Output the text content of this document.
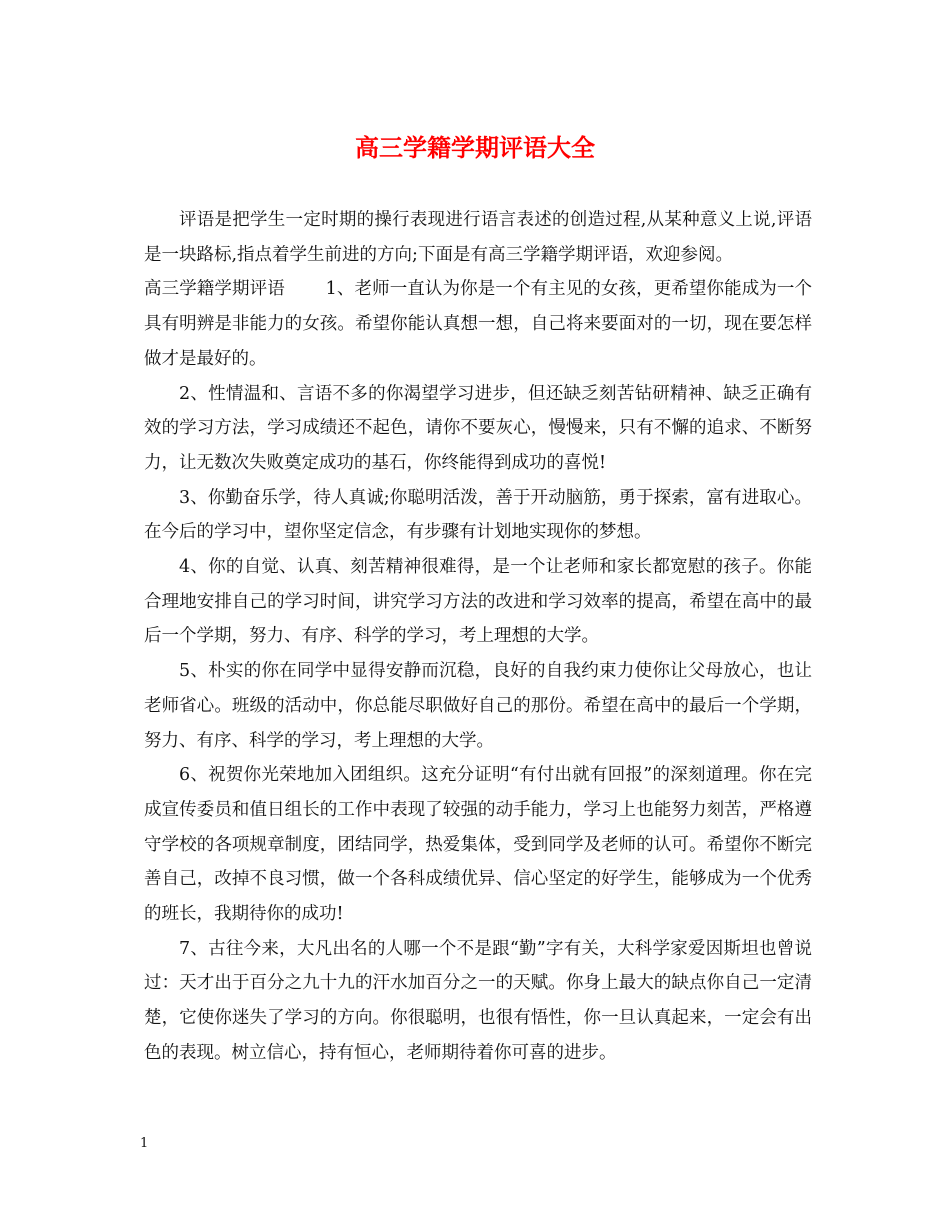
高三学籍学期评语大全

评语是把学生一定时期的操行表现进行语言表述的创造过程,从某种意义上说,评语是一块路标,指点着学生前进的方向;下面是有高三学籍学期评语，欢迎参阅。

高三学籍学期评语　　 1、老师一直认为你是一个有主见的女孩，更希望你能成为一个具有明辨是非能力的女孩。希望你能认真想一想，自己将来要面对的一切，现在要怎样做才是最好的。

2、性情温和、言语不多的你渴望学习进步，但还缺乏刻苦钻研精神、缺乏正确有效的学习方法，学习成绩还不起色，请你不要灰心，慢慢来，只有不懈的追求、不断努力，让无数次失败奠定成功的基石，你终能得到成功的喜悦!

3、你勤奋乐学，待人真诚;你聪明活泼，善于开动脑筋，勇于探索，富有进取心。在今后的学习中，望你坚定信念，有步骤有计划地实现你的梦想。

4、你的自觉、认真、刻苦精神很难得，是一个让老师和家长都宽慰的孩子。你能合理地安排自己的学习时间，讲究学习方法的改进和学习效率的提高，希望在高中的最后一个学期，努力、有序、科学的学习，考上理想的大学。

5、朴实的你在同学中显得安静而沉稳，良好的自我约束力使你让父母放心，也让老师省心。班级的活动中，你总能尽职做好自己的那份。希望在高中的最后一个学期，努力、有序、科学的学习，考上理想的大学。

6、祝贺你光荣地加入团组织。这充分证明“有付出就有回报”的深刻道理。你在完成宣传委员和值日组长的工作中表现了较强的动手能力，学习上也能努力刻苦，严格遵守学校的各项规章制度，团结同学，热爱集体，受到同学及老师的认可。希望你不断完善自己，改掉不良习惯，做一个各科成绩优异、信心坚定的好学生，能够成为一个优秀的班长，我期待你的成功!

7、古往今来，大凡出名的人哪一个不是跟“勤”字有关，大科学家爱因斯坦也曾说过：天才出于百分之九十九的汗水加百分之一的天赋。你身上最大的缺点你自己一定清楚，它使你迷失了学习的方向。你很聪明，也很有悟性，你一旦认真起来，一定会有出色的表现。树立信心，持有恒心，老师期待着你可喜的进步。

1
